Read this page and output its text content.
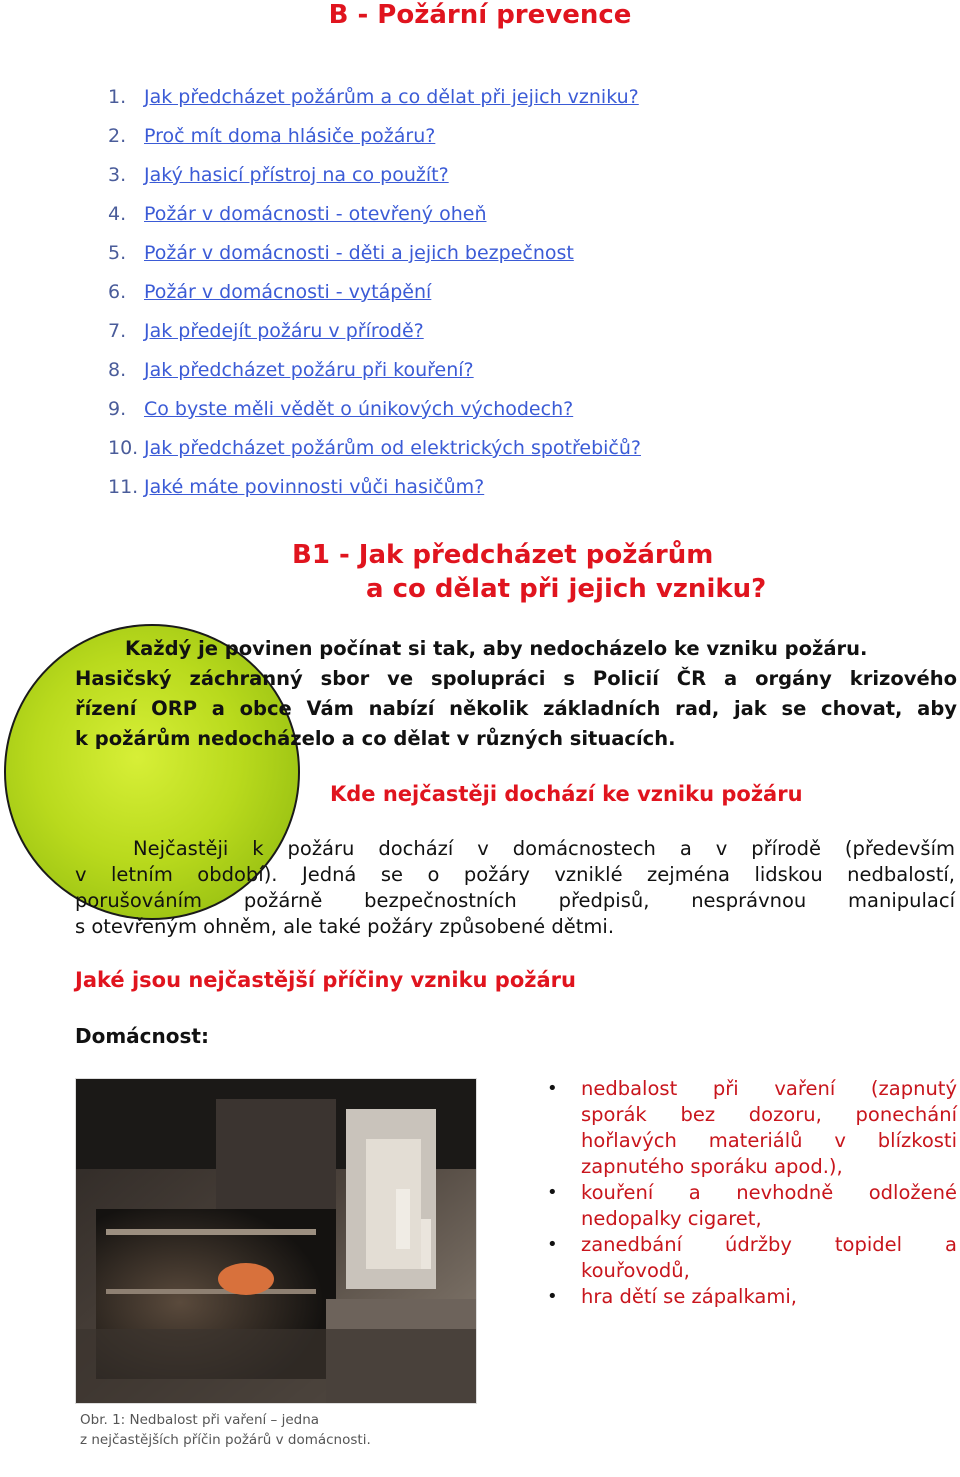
B - Požární prevence
1. Jak předcházet požárům a co dělat při jejich vzniku?
2. Proč mít doma hlásiče požáru?
3. Jaký hasicí přístroj na co použít?
4. Požár v domácnosti - otevřený oheň
5. Požár v domácnosti - děti a jejich bezpečnost
6. Požár v domácnosti - vytápění
7. Jak předejít požáru v přírodě?
8. Jak předcházet požáru při kouření?
9. Co byste měli vědět o únikových východech?
10. Jak předcházet požárům od elektrických spotřebičů?
11. Jaké máte povinnosti vůči hasičům?
B1 - Jak předcházet požárům
a co dělat při jejich vzniku?
Každý je povinen počínat si tak, aby nedocházelo ke vzniku požáru.
Hasičský záchranný sbor ve spolupráci s Policií ČR a orgány krizového
řízení ORP a obce Vám nabízí několik základních rad, jak se chovat, aby
k požárům nedocházelo a co dělat v různých situacích.
Kde nejčastěji dochází ke vzniku požáru
Nejčastěji k požáru dochází v domácnostech a v přírodě (především
v letním období). Jedná se o požáry vzniklé zejména lidskou nedbalostí,
porušováním požárně bezpečnostních předpisů, nesprávnou manipulací
s otevřeným ohněm, ale také požáry způsobené dětmi.
Jaké jsou nejčastější příčiny vzniku požáru
Domácnost:
Obr. 1: Nedbalost při vaření – jedna
z nejčastějších příčin požárů v domácnosti.
• nedbalost při vaření (zapnutý
sporák bez dozoru, ponechání
hořlavých materiálů v blízkosti
zapnutého sporáku apod.),
• kouření a nevhodně odložené
nedopalky cigaret,
• zanedbání údržby topidel a
kouřovodů,
• hra dětí se zápalkami,
